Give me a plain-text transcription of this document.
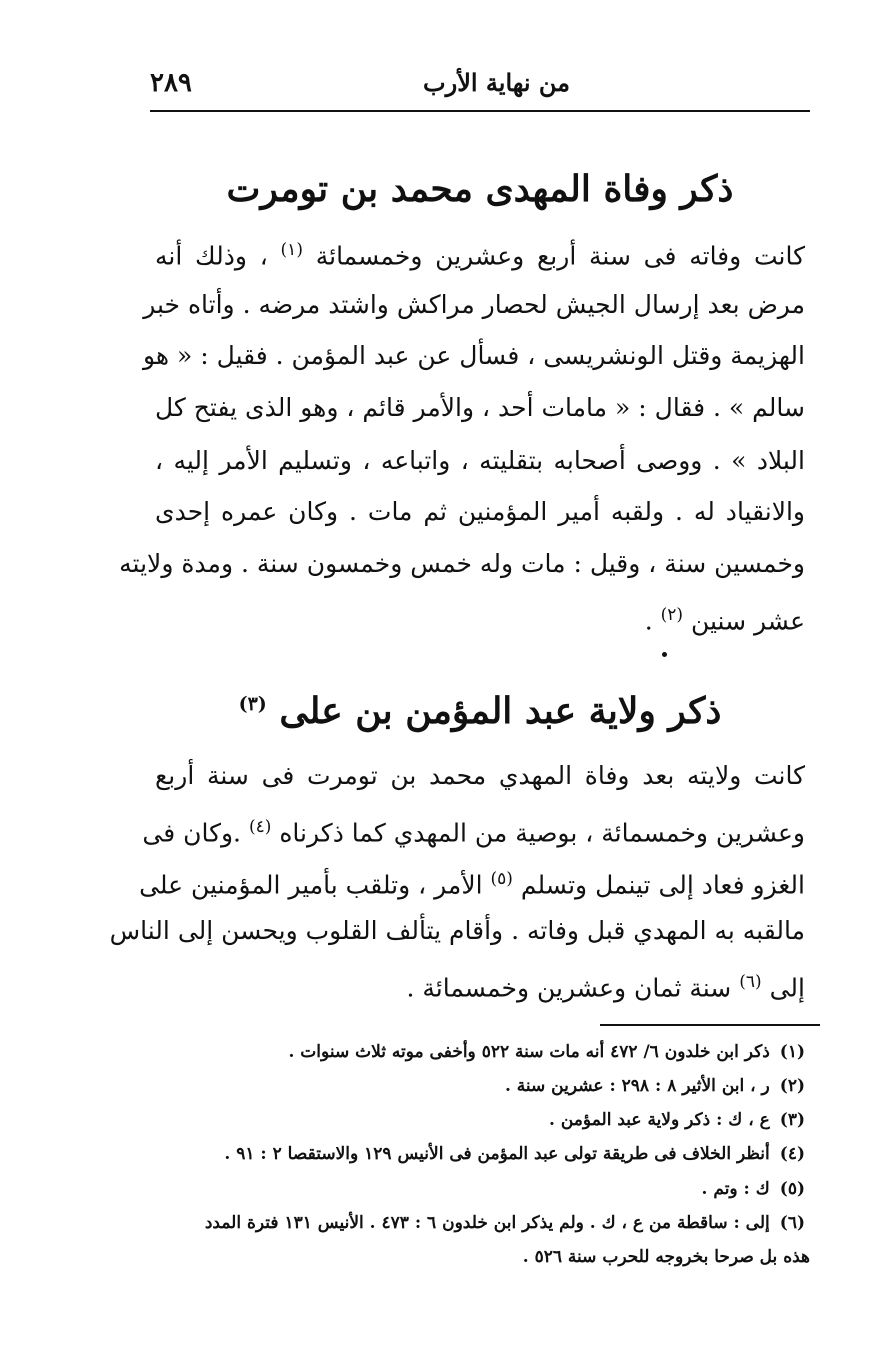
٢٨٩	من نهاية الأرب
ذكر وفاة المهدى محمد بن تومرت
كانت وفاته فى سنة أربع وعشرين وخمسمائة $^{(١)}$ ، وذلك أنه
مرض بعد إرسال الجيش لحصار مراكش واشتد مرضه . وأتاه خبر
الهزيمة وقتل الونشريسى ، فسأل عن عبد المؤمن . فقيل : « هو
سالم » . فقال : « مامات أحد ، والأمر قائم ، وهو الذى يفتح كل
البلاد » . ووصى أصحابه بتقليته ، واتباعه ، وتسليم الأمر إليه ،
والانقياد له . ولقبه أمير المؤمنين ثم مات . وكان عمره إحدى
وخمسين سنة ، وقيل : مات وله خمس وخمسون سنة . ومدة ولايته
عشر سنين $^{(٢)}$ .
ذكر ولاية عبد المؤمن بن على $^{(٣)}$
كانت ولايته بعد وفاة المهدي محمد بن تومرت فى سنة أربع
وعشرين وخمسمائة ، بوصية من المهدي كما ذكرناه $^{(٤)}$ .وكان فى
الغزو فعاد إلى تينمل وتسلم $^{(٥)}$ الأمر ، وتلقب بأمير المؤمنين على
مالقبه به المهدي قبل وفاته . وأقام يتألف القلوب ويحسن إلى الناس
إلى $^{(٦)}$ سنة ثمان وعشرين وخمسمائة .
(١)ذكر ابن خلدون ٦/ ٤٧٢ أنه مات سنة ٥٢٢ وأخفى موته ثلاث سنوات .
(٢)ر ، ابن الأثير ٨ : ٢٩٨ : عشرين سنة .
(٣)ع ، ك : ذكر ولاية عبد المؤمن .
(٤)أنظر الخلاف فى طريقة تولى عبد المؤمن فى الأنيس ١٢٩ والاستقصا ٢ : ٩١ .
(٥)ك : وتم .
(٦)إلى : ساقطة من ع ، ك . ولم يذكر ابن خلدون ٦ : ٤٧٣ . الأنيس ١٣١ فترة المدد
هذه بل صرحا بخروجه للحرب سنة ٥٢٦ .
